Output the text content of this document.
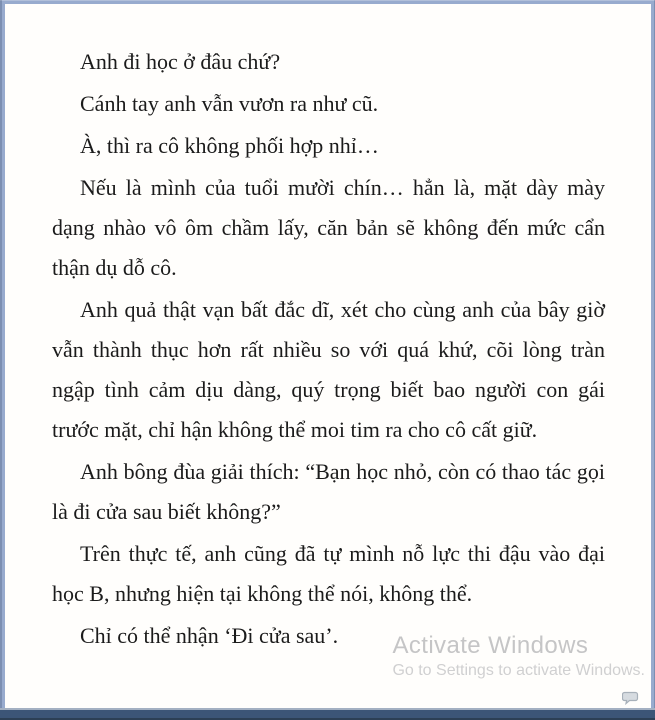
Anh đi học ở đâu chứ?

Cánh tay anh vẫn vươn ra như cũ.

À, thì ra cô không phối hợp nhỉ…

Nếu là mình của tuổi mười chín… hẳn là, mặt dày mày dạng nhào vô ôm chầm lấy, căn bản sẽ không đến mức cẩn thận dụ dỗ cô.

Anh quả thật vạn bất đắc dĩ, xét cho cùng anh của bây giờ vẫn thành thục hơn rất nhiều so với quá khứ, cõi lòng tràn ngập tình cảm dịu dàng, quý trọng biết bao người con gái trước mặt, chỉ hận không thể moi tim ra cho cô cất giữ.

Anh bông đùa giải thích: “Bạn học nhỏ, còn có thao tác gọi là đi cửa sau biết không?”

Trên thực tế, anh cũng đã tự mình nỗ lực thi đậu vào đại học B, nhưng hiện tại không thể nói, không thể.

Chỉ có thể nhận ‘Đi cửa sau’.	Activate Windows
Go to Settings to activate Windows.
